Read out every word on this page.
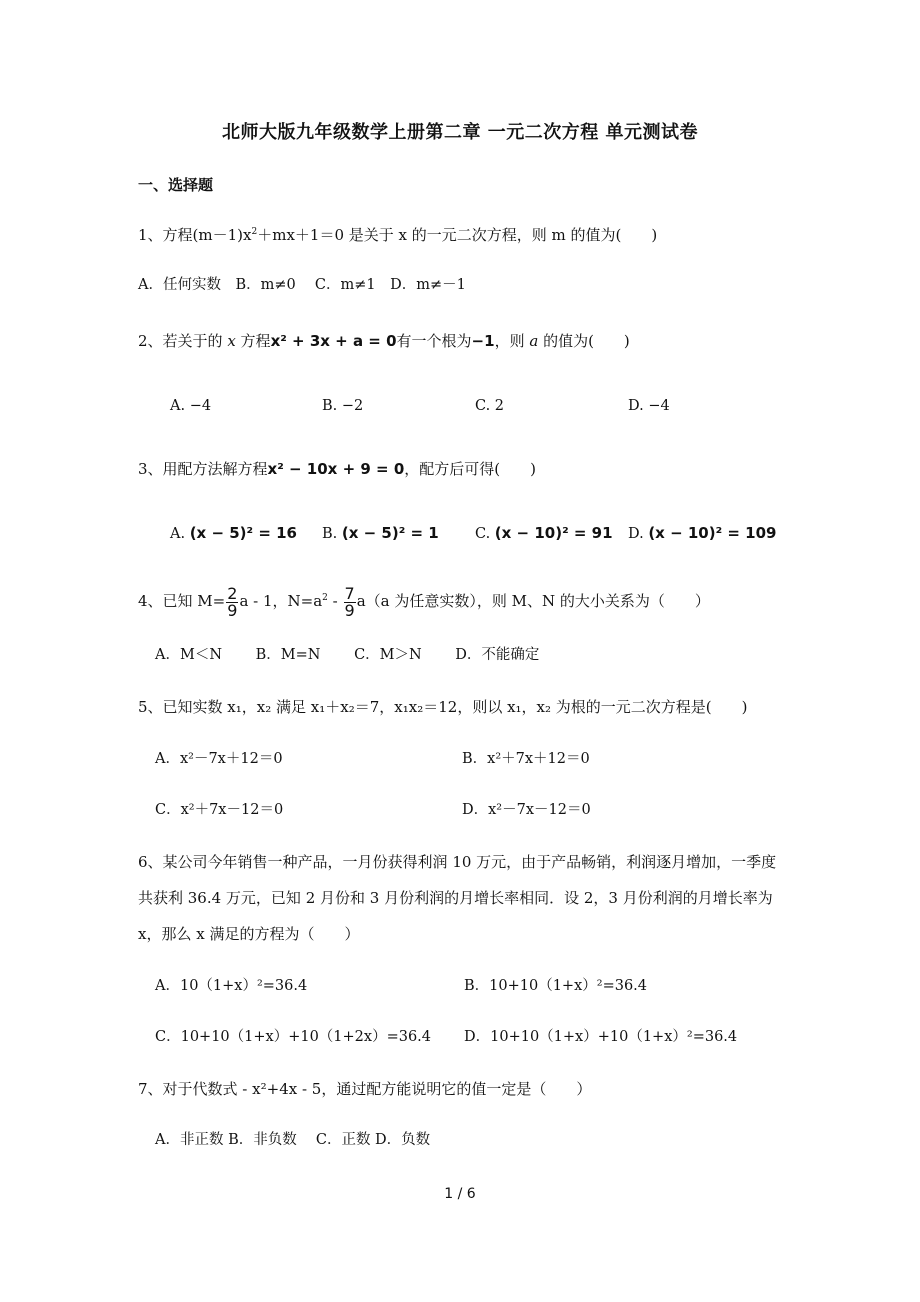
北师大版九年级数学上册第二章 一元二次方程 单元测试卷
一、选择题
1、方程$(m-1)x^2+mx+1=0$ 是关于 x 的一元二次方程，则 m 的值为(　　)
A．任何实数　B．m≠0　 C．m≠1　D．m≠－1
2、若关于的 x 方程x² + 3x + a = 0有一个根为−1，则 a 的值为(　　)
A. −4	B. −2	C. 2	D. −4
3、用配方法解方程x² − 10x + 9 = 0，配方后可得(　　)
A. (x − 5)² = 16 B. (x − 5)² = 1	C. (x − 10)² = 91 D. (x − 10)² = 109
4、已知 $M= \frac{2}{9}$ a - 1，$N=a^2 - \frac{7}{9} a(a$ 为任意实数），则 M、N 的大小关系为（　　）
A．M＜N　　 B．M=N　　 C．M＞N　　 D．不能确定
5、已知实数 x₁，x₂ 满足 x₁＋x₂＝7，x₁x₂＝12，则以 x₁，x₂ 为根的一元二次方程是(　　)
A．x²－7x＋12＝0	B．x²＋7x＋12＝0
C．x²＋7x－12＝0	D．x²－7x－12＝0
6、某公司今年销售一种产品，一月份获得利润 10 万元，由于产品畅销，利润逐月增加，一季度共获利 36.4 万元，已知 2 月份和 3 月份利润的月增长率相同．设 2，3 月份利润的月增长率为 x，那么 x 满足的方程为（　　）
A．10（1+x）²=36.4	B．10+10（1+x）²=36.4
C．10+10（1+x）+10（1+2x）=36.4 D．10+10（1+x）+10（1+x）²=36.4
7、对于代数式 - x²+4x - 5，通过配方能说明它的值一定是（　　）
A．非正数 B．非负数　 C．正数 D．负数
1 / 6
